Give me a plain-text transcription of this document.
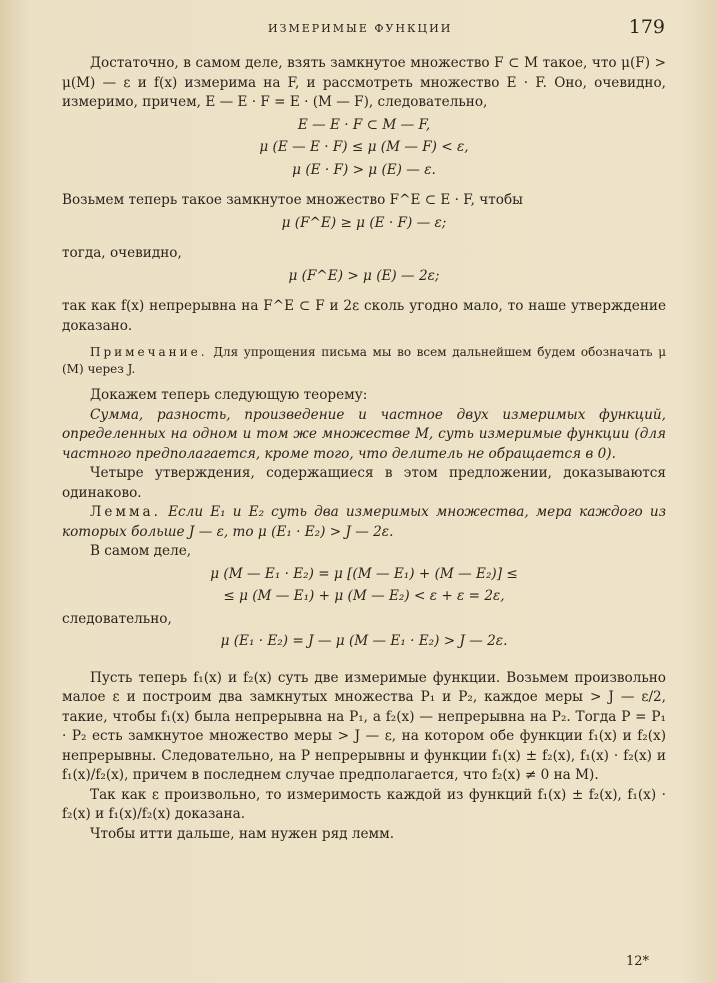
ИЗМЕРИМЫЕ ФУНКЦИИ	179

Достаточно, в самом деле, взять замкнутое множество F ⊂ M такое, что μ(F) > μ(M) — ε и f(x) измерима на F, и рассмотреть множество E · F. Оно, очевидно, измеримо, причем, E — E · F = E · (M — F), следовательно,

E — E · F ⊂ M — F,

μ (E — E · F) ≤ μ (M — F) < ε,

μ (E · F) > μ (E) — ε.

Возьмем теперь такое замкнутое множество F^E ⊂ E · F, чтобы

μ (F^E) ≥ μ (E · F) — ε;

тогда, очевидно,

μ (F^E) > μ (E) — 2ε;

так как f(x) непрерывна на F^E ⊂ F и 2ε сколь угодно мало, то наше утверждение доказано.

Примечание. Для упрощения письма мы во всем дальнейшем будем обозначать μ (M) через J.

Докажем теперь следующую теорему:

Сумма, разность, произведение и частное двух измеримых функций, определенных на одном и том же множестве M, суть измеримые функции (для частного предполагается, кроме того, что делитель не обращается в 0).

Четыре утверждения, содержащиеся в этом предложении, доказываются одинаково.

Лемма. Если E₁ и E₂ суть два измеримых множества, мера каждого из которых больше J — ε, то μ (E₁ · E₂) > J — 2ε.

В самом деле,

μ (M — E₁ · E₂) = μ [(M — E₁) + (M — E₂)] ≤

≤ μ (M — E₁) + μ (M — E₂) < ε + ε = 2ε,

следовательно,

μ (E₁ · E₂) = J — μ (M — E₁ · E₂) > J — 2ε.

Пусть теперь f₁(x) и f₂(x) суть две измеримые функции. Возьмем произвольно малое ε и построим два замкнутых множества P₁ и P₂, каждое меры > J — ε/2, такие, чтобы f₁(x) была непрерывна на P₁, а f₂(x) — непрерывна на P₂. Тогда P = P₁ · P₂ есть замкнутое множество меры > J — ε, на котором обе функции f₁(x) и f₂(x) непрерывны. Следовательно, на P непрерывны и функции f₁(x) ± f₂(x), f₁(x) · f₂(x) и f₁(x)/f₂(x), причем в последнем случае предполагается, что f₂(x) ≠ 0 на M).

Так как ε произвольно, то измеримость каждой из функций f₁(x) ± f₂(x), f₁(x) · f₂(x) и f₁(x)/f₂(x) доказана.

Чтобы итти дальше, нам нужен ряд лемм.

12*
